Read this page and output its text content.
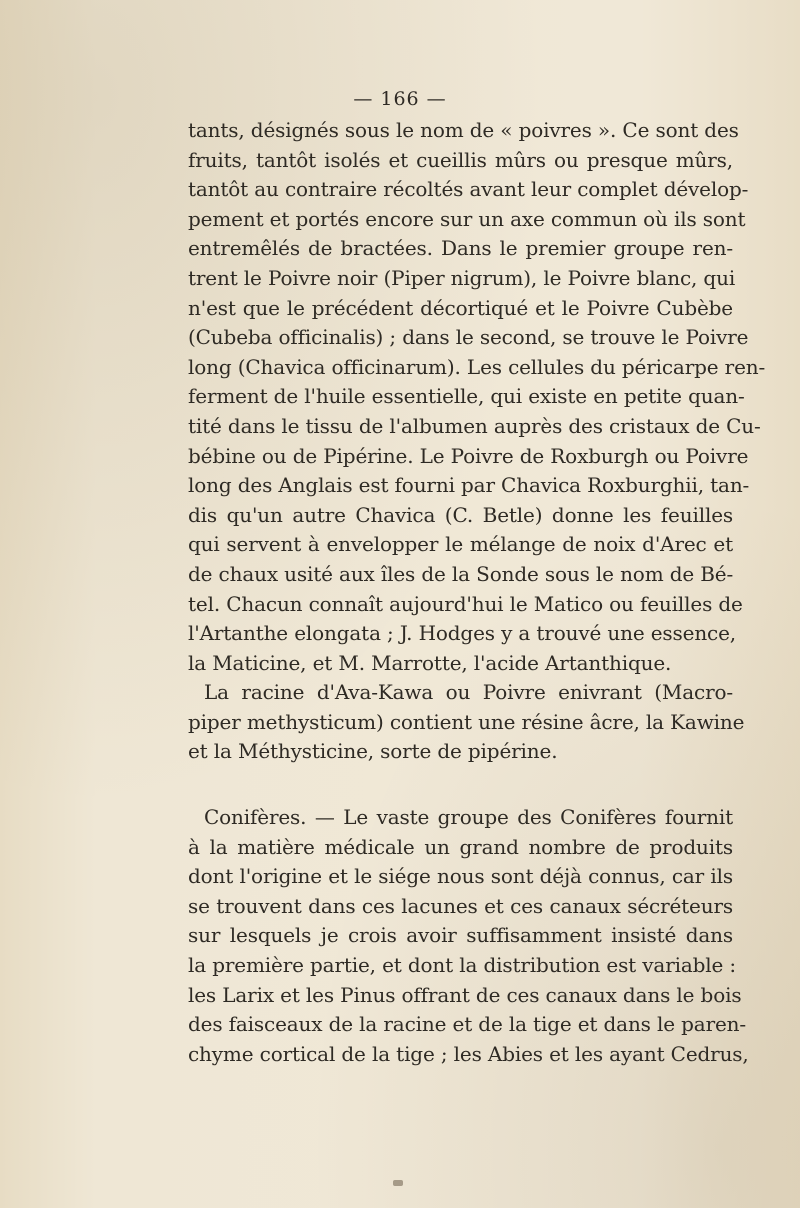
— 166 —
tants, désignés sous le nom de « poivres ». Ce sont des
fruits, tantôt isolés et cueillis mûrs ou presque mûrs,
tantôt au contraire récoltés avant leur complet dévelop-
pement et portés encore sur un axe commun où ils sont
entremêlés de bractées. Dans le premier groupe ren-
trent le Poivre noir (Piper nigrum), le Poivre blanc, qui
n'est que le précédent décortiqué et le Poivre Cubèbe
(Cubeba officinalis) ; dans le second, se trouve le Poivre
long (Chavica officinarum). Les cellules du péricarpe ren-
ferment de l'huile essentielle, qui existe en petite quan-
tité dans le tissu de l'albumen auprès des cristaux de Cu-
bébine ou de Pipérine. Le Poivre de Roxburgh ou Poivre
long des Anglais est fourni par Chavica Roxburghii, tan-
dis qu'un autre Chavica (C. Betle) donne les feuilles
qui servent à envelopper le mélange de noix d'Arec et
de chaux usité aux îles de la Sonde sous le nom de Bé-
tel. Chacun connaît aujourd'hui le Matico ou feuilles de
l'Artanthe elongata ; J. Hodges y a trouvé une essence,
la Maticine, et M. Marrotte, l'acide Artanthique.
La racine d'Ava-Kawa ou Poivre enivrant (Macro-
piper methysticum) contient une résine âcre, la Kawine
et la Méthysticine, sorte de pipérine.
Conifères. — Le vaste groupe des Conifères fournit
à la matière médicale un grand nombre de produits
dont l'origine et le siége nous sont déjà connus, car ils
se trouvent dans ces lacunes et ces canaux sécréteurs
sur lesquels je crois avoir suffisamment insisté dans
la première partie, et dont la distribution est variable :
les Larix et les Pinus offrant de ces canaux dans le bois
des faisceaux de la racine et de la tige et dans le paren-
chyme cortical de la tige ; les Abies et les ayant Cedrus,
